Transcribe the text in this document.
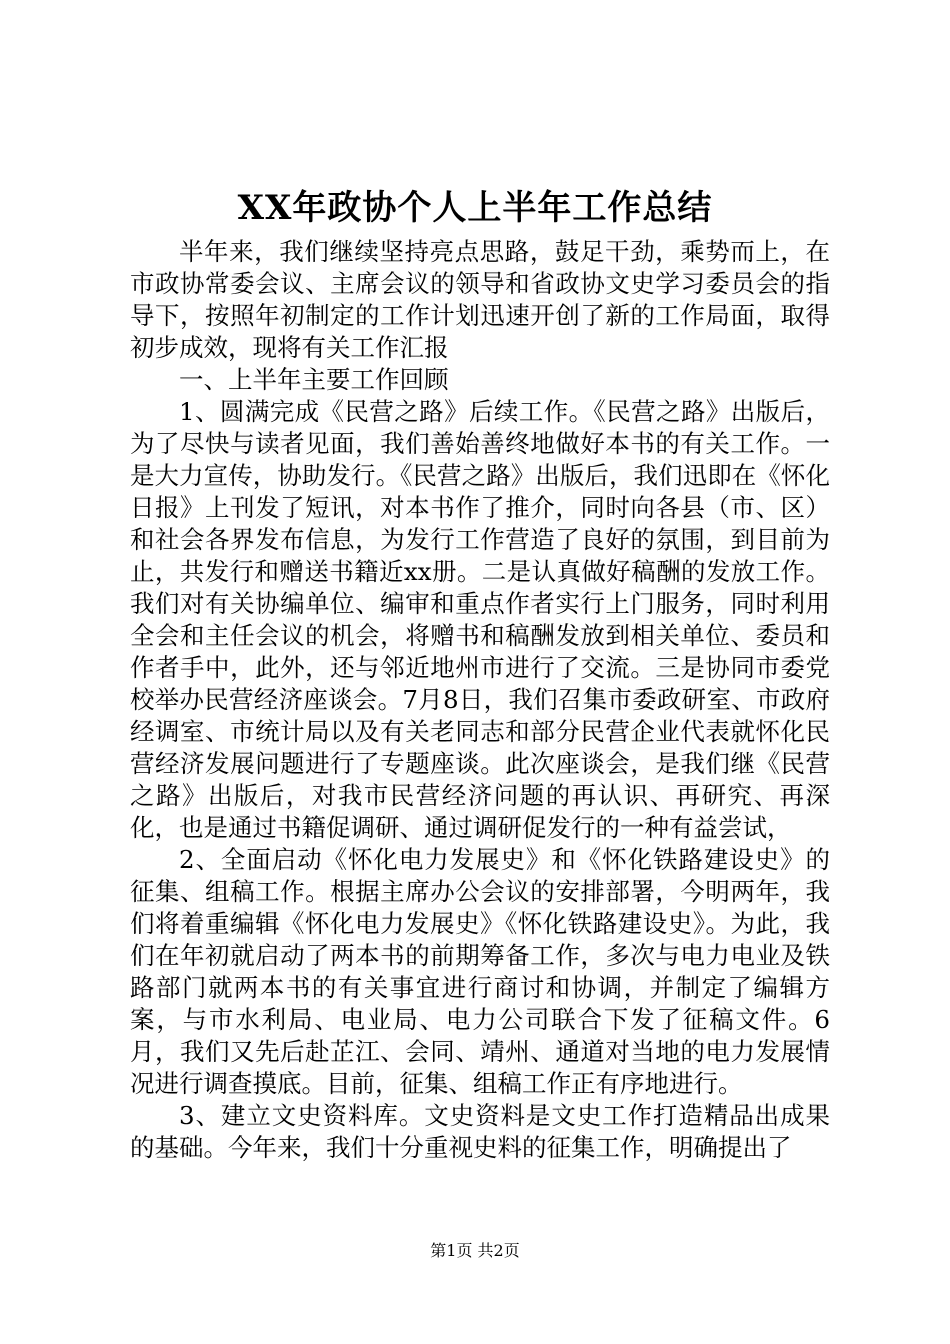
XX年政协个人上半年工作总结

半年来，我们继续坚持亮点思路，鼓足干劲，乘势而上，在市政协常委会议、主席会议的领导和省政协文史学习委员会的指导下，按照年初制定的工作计划迅速开创了新的工作局面，取得初步成效，现将有关工作汇报

一、上半年主要工作回顾

1、圆满完成《民营之路》后续工作。《民营之路》出版后，为了尽快与读者见面，我们善始善终地做好本书的有关工作。一是大力宣传，协助发行。《民营之路》出版后，我们迅即在《怀化日报》上刊发了短讯，对本书作了推介，同时向各县（市、区）和社会各界发布信息，为发行工作营造了良好的氛围，到目前为止，共发行和赠送书籍近xx册。二是认真做好稿酬的发放工作。我们对有关协编单位、编审和重点作者实行上门服务，同时利用全会和主任会议的机会，将赠书和稿酬发放到相关单位、委员和作者手中，此外，还与邻近地州市进行了交流。三是协同市委党校举办民营经济座谈会。7月8日，我们召集市委政研室、市政府经调室、市统计局以及有关老同志和部分民营企业代表就怀化民营经济发展问题进行了专题座谈。此次座谈会，是我们继《民营之路》出版后，对我市民营经济问题的再认识、再研究、再深化，也是通过书籍促调研、通过调研促发行的一种有益尝试，

2、全面启动《怀化电力发展史》和《怀化铁路建设史》的征集、组稿工作。根据主席办公会议的安排部署，今明两年，我们将着重编辑《怀化电力发展史》《怀化铁路建设史》。为此，我们在年初就启动了两本书的前期筹备工作，多次与电力电业及铁路部门就两本书的有关事宜进行商讨和协调，并制定了编辑方案，与市水利局、电业局、电力公司联合下发了征稿文件。6月，我们又先后赴芷江、会同、靖州、通道对当地的电力发展情况进行调查摸底。目前，征集、组稿工作正有序地进行。

3、建立文史资料库。文史资料是文史工作打造精品出成果的基础。今年来，我们十分重视史料的征集工作，明确提出了

第1页 共2页
